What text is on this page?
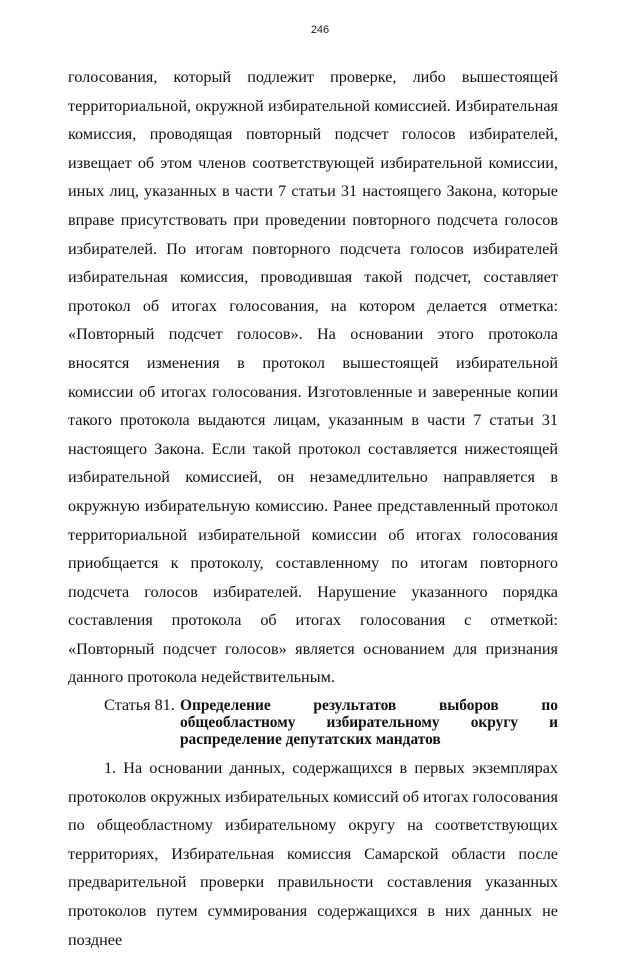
246

голосования, который подлежит проверке, либо вышестоящей территориальной, окружной избирательной комиссией. Избирательная комиссия, проводящая повторный подсчет голосов избирателей, извещает об этом членов соответствующей избирательной комиссии, иных лиц, указанных в части 7 статьи 31 настоящего Закона, которые вправе присутствовать при проведении повторного подсчета голосов избирателей. По итогам повторного подсчета голосов избирателей избирательная комиссия, проводившая такой подсчет, составляет протокол об итогах голосования, на котором делается отметка: «Повторный подсчет голосов». На основании этого протокола вносятся изменения в протокол вышестоящей избирательной комиссии об итогах голосования. Изготовленные и заверенные копии такого протокола выдаются лицам, указанным в части 7 статьи 31 настоящего Закона. Если такой протокол составляется нижестоящей избирательной комиссией, он незамедлительно направляется в окружную избирательную комиссию. Ранее представленный протокол территориальной избирательной комиссии об итогах голосования приобщается к протоколу, составленному по итогам повторного подсчета голосов избирателей. Нарушение указанного порядка составления протокола об итогах голосования с отметкой: «Повторный подсчет голосов» является основанием для признания данного протокола недействительным.

Статья 81. Определение результатов выборов по общеобластному избирательному округу и распределение депутатских мандатов

1. На основании данных, содержащихся в первых экземплярах протоколов окружных избирательных комиссий об итогах голосования по общеобластному избирательному округу на соответствующих территориях, Избирательная комиссия Самарской области после предварительной проверки правильности составления указанных протоколов путем суммирования содержащихся в них данных не позднее
